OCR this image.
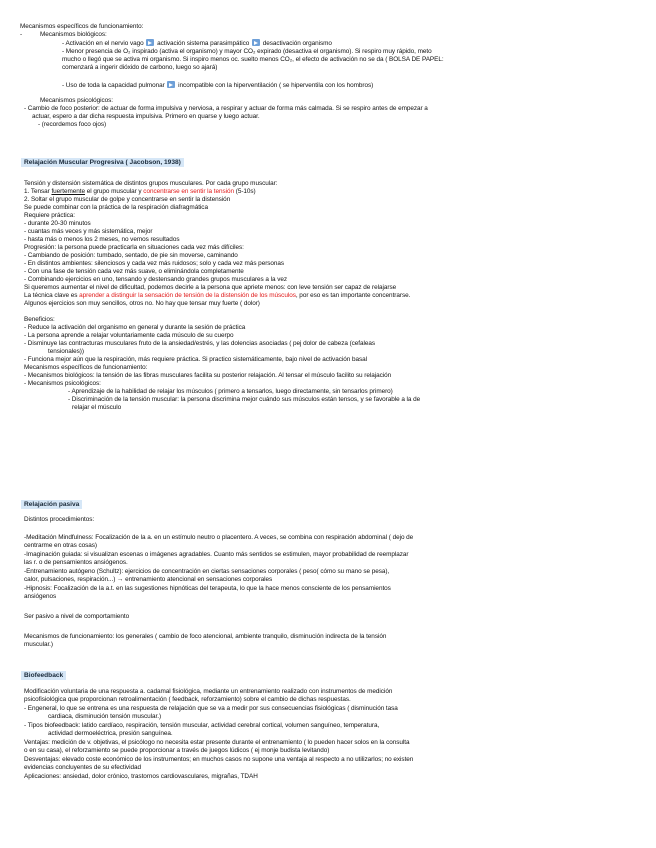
Mecanismos específicos de funcionamiento:
-	Mecanismos biológicos:
mucho o llegó que se activa mi organismo. Si inspiro menos oc. suelto menos CO₂, el efecto de activación no se da ( BOLSA DE PAPEL:
comenzará a ingerir dióxido de carbono, luego so ajará)
Mecanismos psicológicos:
- Cambio de foco posterior: de actuar de forma impulsiva y nerviosa, a respirar y actuar de forma más calmada. Si se respiro antes de empezar a
actuar, espero a dar dicha respuesta impulsiva. Primero en quarse y luego actuar.
- (recordemos foco ojos)
Tensión y distensión sistemática de distintos grupos musculares. Por cada grupo muscular:
2. Soltar el grupo muscular de golpe y concentrarse en sentir la distensión
Se puede combinar con la práctica de la respiración diafragmática
Requiere práctica:
- durante 20-30 minutos
- cuantas más veces y más sistemática, mejor
- hasta más o menos los 2 meses, no vemos resultados
Progresión: la persona puede practicarla en situaciones cada vez más difíciles:
- Cambiando de posición: tumbado, sentado, de pie sin moverse, caminando
- En distintos ambientes: silenciosos y cada vez más ruidosos; solo y cada vez más personas
- Con una fase de tensión cada vez más suave, o eliminándola completamente
- Combinando ejercicios en uno, tensando y destensando grandes grupos musculares a la vez
Si queremos aumentar el nivel de dificultad, podemos decirle a la persona que apriete menos: con leve tensión ser capaz de relajarse
Algunos ejercicios son muy sencillos, otros no. No hay que tensar muy fuerte ( dolor)
Beneficios:
- Reduce la activación del organismo en general y durante la sesión de práctica
- La persona aprende a relajar voluntariamente cada músculo de su cuerpo
- Disminuye las contracturas musculares fruto de la ansiedad/estrés, y las dolencias asociadas ( pej dolor de cabeza (cefaleas
tensionales))
- Funciona mejor aún que la respiración, más requiere práctica. Si practico sistemáticamente, bajo nivel de activación basal
Mecanismos específicos de funcionamiento:
- Mecanismos biológicos: la tensión de las fibras musculares facilita su posterior relajación. Al tensar el músculo facilito su relajación
- Mecanismos psicológicos:
- Aprendizaje de la habilidad de relajar los músculos ( primero a tensarlos, luego directamente, sin tensarlos primero)
- Discriminación de la tensión muscular: la persona discrimina mejor cuándo sus músculos están tensos, y se favorable a la de
relajar el músculo
Distintos procedimientos:
-Meditación Mindfulness: Focalización de la a. en un estímulo neutro o placentero. A veces, se combina con respiración abdominal ( dejo de
centrarme en otras cosas)
-Imaginación guiada: si visualizan escenas o imágenes agradables. Cuanto más sentidos se estimulen, mayor probabilidad de reemplazar
las r. o de pensamientos ansiógenos.
-Entrenamiento autógeno (Schultz): ejercicios de concentración en ciertas sensaciones corporales ( peso( cómo su mano se pesa),
calor, pulsaciones, respiración...) → entrenamiento atencional en sensaciones corporales
-Hipnosis: Focalización de la a.t. en las sugestiones hipnóticas del terapeuta, lo que la hace menos consciente de los pensamientos
ansiógenos
Ser pasivo a nivel de comportamiento
Mecanismos de funcionamiento: los generales ( cambio de foco atencional, ambiente tranquilo, disminución indirecta de la tensión
muscular.)
Modificación voluntaria de una respuesta a. cadamal fisiológica, mediante un entrenamiento realizado con instrumentos de medición
psicofisiológica que proporcionan retroalimentación ( feedback, reforzamiento) sobre el cambio de dichas respuestas.
- Engeneral, lo que se entrena es una respuesta de relajación que se va a medir por sus consecuencias fisiológicas ( disminución tasa
cardiaca, disminución tensión muscular.)
- Tipos biofeedback: latido cardíaco, respiración, tensión muscular, actividad cerebral cortical, volumen sanguíneo, temperatura,
actividad dermoeléctrica, presión sanguínea.
Ventajas: medición de v. objetivas, el psicólogo no necesita estar presente durante el entrenamiento ( lo pueden hacer solos en la consulta
o en su casa), el reforzamiento se puede proporcionar a través de juegos lúdicos ( ej monje budista levitando)
Desventajas: elevado coste económico de los instrumentos; en muchos casos no supone una ventaja al respecto a no utilizarlos; no existen
evidencias concluyentes de su efectividad
Aplicaciones: ansiedad, dolor crónico, trastornos cardiovasculares, migrañas, TDAH
- Activación en el nervio vago activación sistema parasimpático desactivación organismo
- Menor presencia de O₂ inspirado (activa el organismo) y mayor CO₂ expirado (desactiva el organismo). Si respiro muy rápido, meto
- Uso de toda la capacidad pulmonar incompatible con la hiperventilación ( se hiperventila con los hombros)
Relajación Muscular Progresiva ( Jacobson, 1938)
Relajación pasiva
Biofeedback
1. Tensar fuertemente el grupo muscular y concentrarse en sentir la tensión (5-10s)
La técnica clave es aprender a distinguir la sensación de tensión de la distensión de los músculos, por eso es tan importante concentrarse.
